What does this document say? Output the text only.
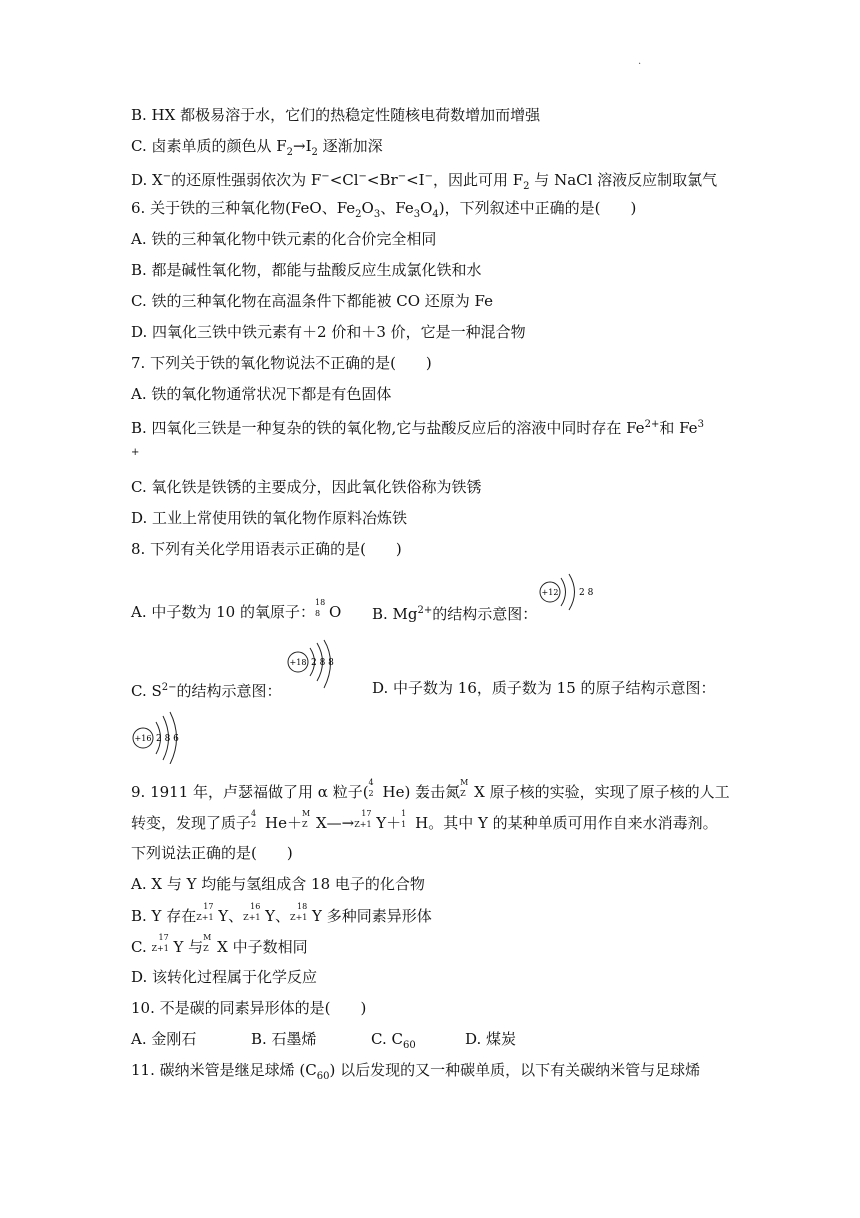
.
B. HX 都极易溶于水，它们的热稳定性随核电荷数增加而增强
C. 卤素单质的颜色从 $F_2\to I_2$ 逐渐加深
D. X−的还原性强弱依次为 F−<Cl−<Br−<I−，因此可用 $F_2$ 与 NaCl 溶液反应制取氯气
6. 关于铁的三种氧化物(FeO、$Fe_2O_3$、$Fe_3O_4$)，下列叙述中正确的是(　　)
A. 铁的三种氧化物中铁元素的化合价完全相同
B. 都是碱性氧化物，都能与盐酸反应生成氯化铁和水
C. 铁的三种氧化物在高温条件下都能被 CO 还原为 Fe
D. 四氧化三铁中铁元素有＋2 价和＋3 价，它是一种混合物
7. 下列关于铁的氧化物说法不正确的是(　　)
A. 铁的氧化物通常状况下都是有色固体
B. 四氧化三铁是一种复杂的铁的氧化物,它与盐酸反应后的溶液中同时存在 $Fe^{2+}$和 $Fe^3$
+
C. 氧化铁是铁锈的主要成分，因此氧化铁俗称为铁锈
D. 工业上常使用铁的氧化物作原料冶炼铁
8. 下列有关化学用语表示正确的是(　　)
A. 中子数为 10 的氧原子：
18
8 O B. $Mg^{2+}$的结构示意图：
+12 2 8
C. $S^{2-}$的结构示意图：
+18 2 8 8
D. 中子数为 16，质子数为 15 的原子结构示意图：
+16 2 8 6
9. 1911 年，卢瑟福做了用 α 粒子(
4
2 He) 轰击氮
M
Z X 原子核的实验，实现了原子核的人工
转变，发现了质子
4
2 He＋
M
Z X—→
17
Z+1 Y＋
1
1 H。其中 Y 的某种单质可用作自来水消毒剂。
下列说法正确的是(　　)
A. X 与 Y 均能与氢组成含 18 电子的化合物
B. Y 存在
17
Z+1 Y、
16
Z+1 Y、
18
Z+1 Y 多种同素异形体
C.
17
Z+1 Y 与
M
Z X 中子数相同
D. 该转化过程属于化学反应
10. 不是碳的同素异形体的是(　　)
A. 金刚石	B. 石墨烯	C. $C_{60}$	D. 煤炭
11. 碳纳米管是继足球烯 $(C_{60})$ 以后发现的又一种碳单质，以下有关碳纳米管与足球烯
